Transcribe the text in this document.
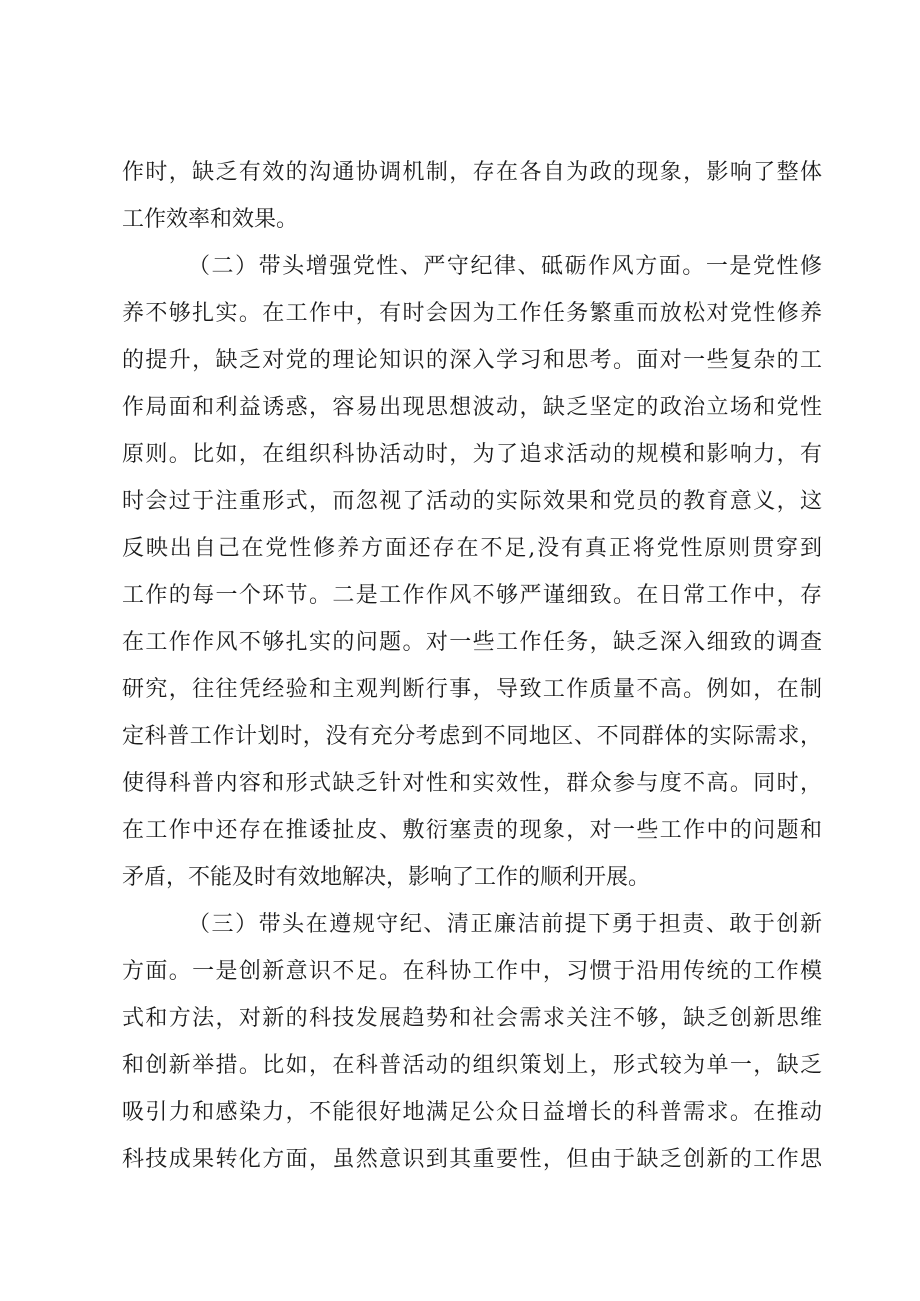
作时，缺乏有效的沟通协调机制，存在各自为政的现象，影响了整体
工作效率和效果。
（二）带头增强党性、严守纪律、砥砺作风方面。一是党性修
养不够扎实。在工作中，有时会因为工作任务繁重而放松对党性修养
的提升，缺乏对党的理论知识的深入学习和思考。面对一些复杂的工
作局面和利益诱惑，容易出现思想波动，缺乏坚定的政治立场和党性
原则。比如，在组织科协活动时，为了追求活动的规模和影响力，有
时会过于注重形式，而忽视了活动的实际效果和党员的教育意义，这
反映出自己在党性修养方面还存在不足,没有真正将党性原则贯穿到
工作的每一个环节。二是工作作风不够严谨细致。在日常工作中，存
在工作作风不够扎实的问题。对一些工作任务，缺乏深入细致的调查
研究，往往凭经验和主观判断行事，导致工作质量不高。例如，在制
定科普工作计划时，没有充分考虑到不同地区、不同群体的实际需求，
使得科普内容和形式缺乏针对性和实效性，群众参与度不高。同时，
在工作中还存在推诿扯皮、敷衍塞责的现象，对一些工作中的问题和
矛盾，不能及时有效地解决，影响了工作的顺利开展。
（三）带头在遵规守纪、清正廉洁前提下勇于担责、敢于创新
方面。一是创新意识不足。在科协工作中，习惯于沿用传统的工作模
式和方法，对新的科技发展趋势和社会需求关注不够，缺乏创新思维
和创新举措。比如，在科普活动的组织策划上，形式较为单一，缺乏
吸引力和感染力，不能很好地满足公众日益增长的科普需求。在推动
科技成果转化方面，虽然意识到其重要性，但由于缺乏创新的工作思
